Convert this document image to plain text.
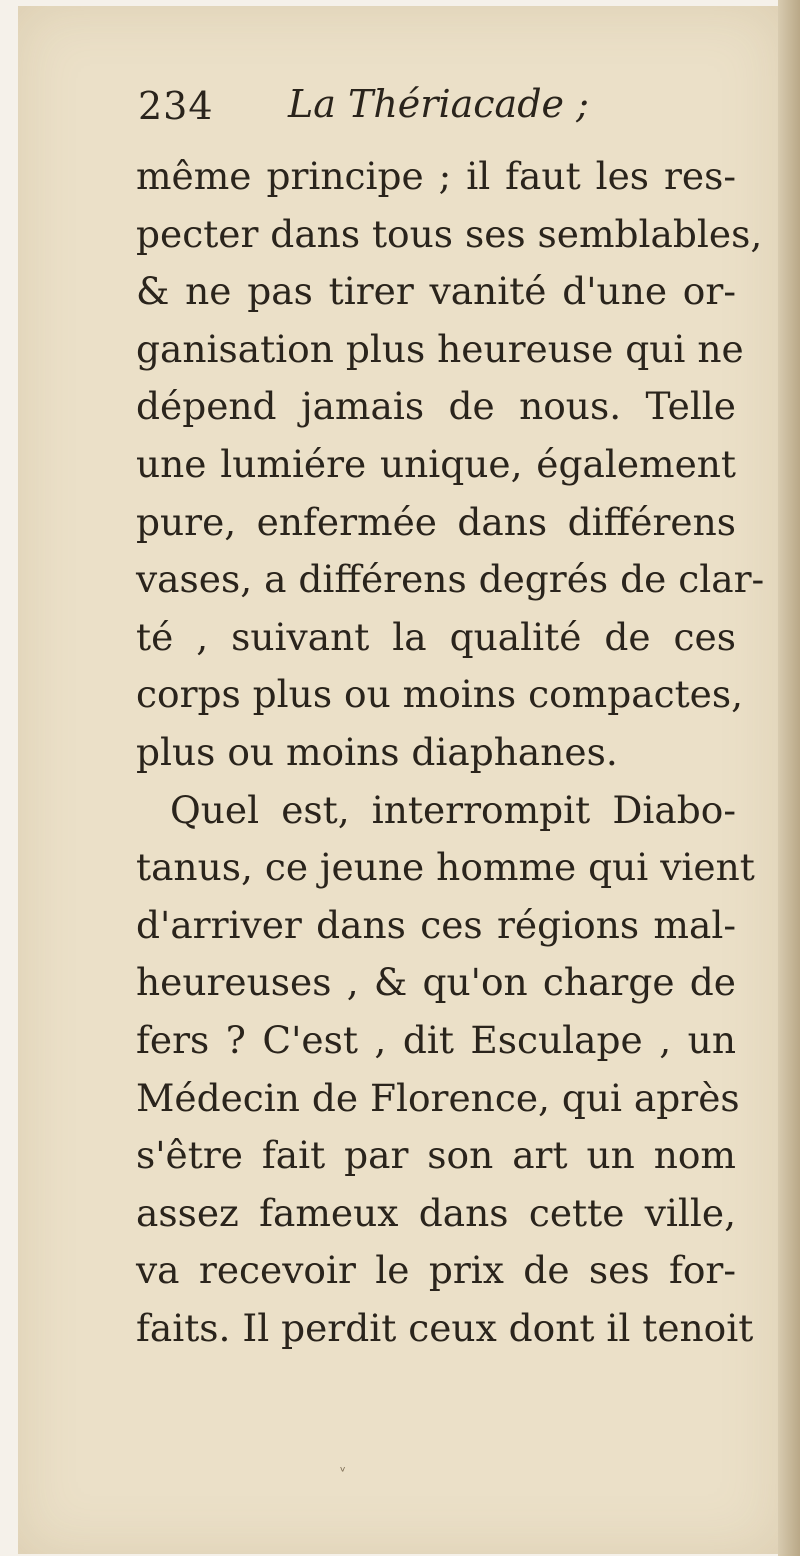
234 La Thériacade ;
même principe ; il faut les res-
pecter dans tous ses semblables,
& ne pas tirer vanité d'une or-
ganisation plus heureuse qui ne
dépend jamais de nous. Telle
une lumiére unique, également
pure, enfermée dans différens
vases, a différens degrés de clar-
té , suivant la qualité de ces
corps plus ou moins compactes,
plus ou moins diaphanes.
Quel est, interrompit Diabo-
tanus, ce jeune homme qui vient
d'arriver dans ces régions mal-
heureuses , & qu'on charge de
fers ? C'est , dit Esculape , un
Médecin de Florence, qui après
s'être fait par son art un nom
assez fameux dans cette ville,
va recevoir le prix de ses for-
faits. Il perdit ceux dont il tenoit
ᵛ
